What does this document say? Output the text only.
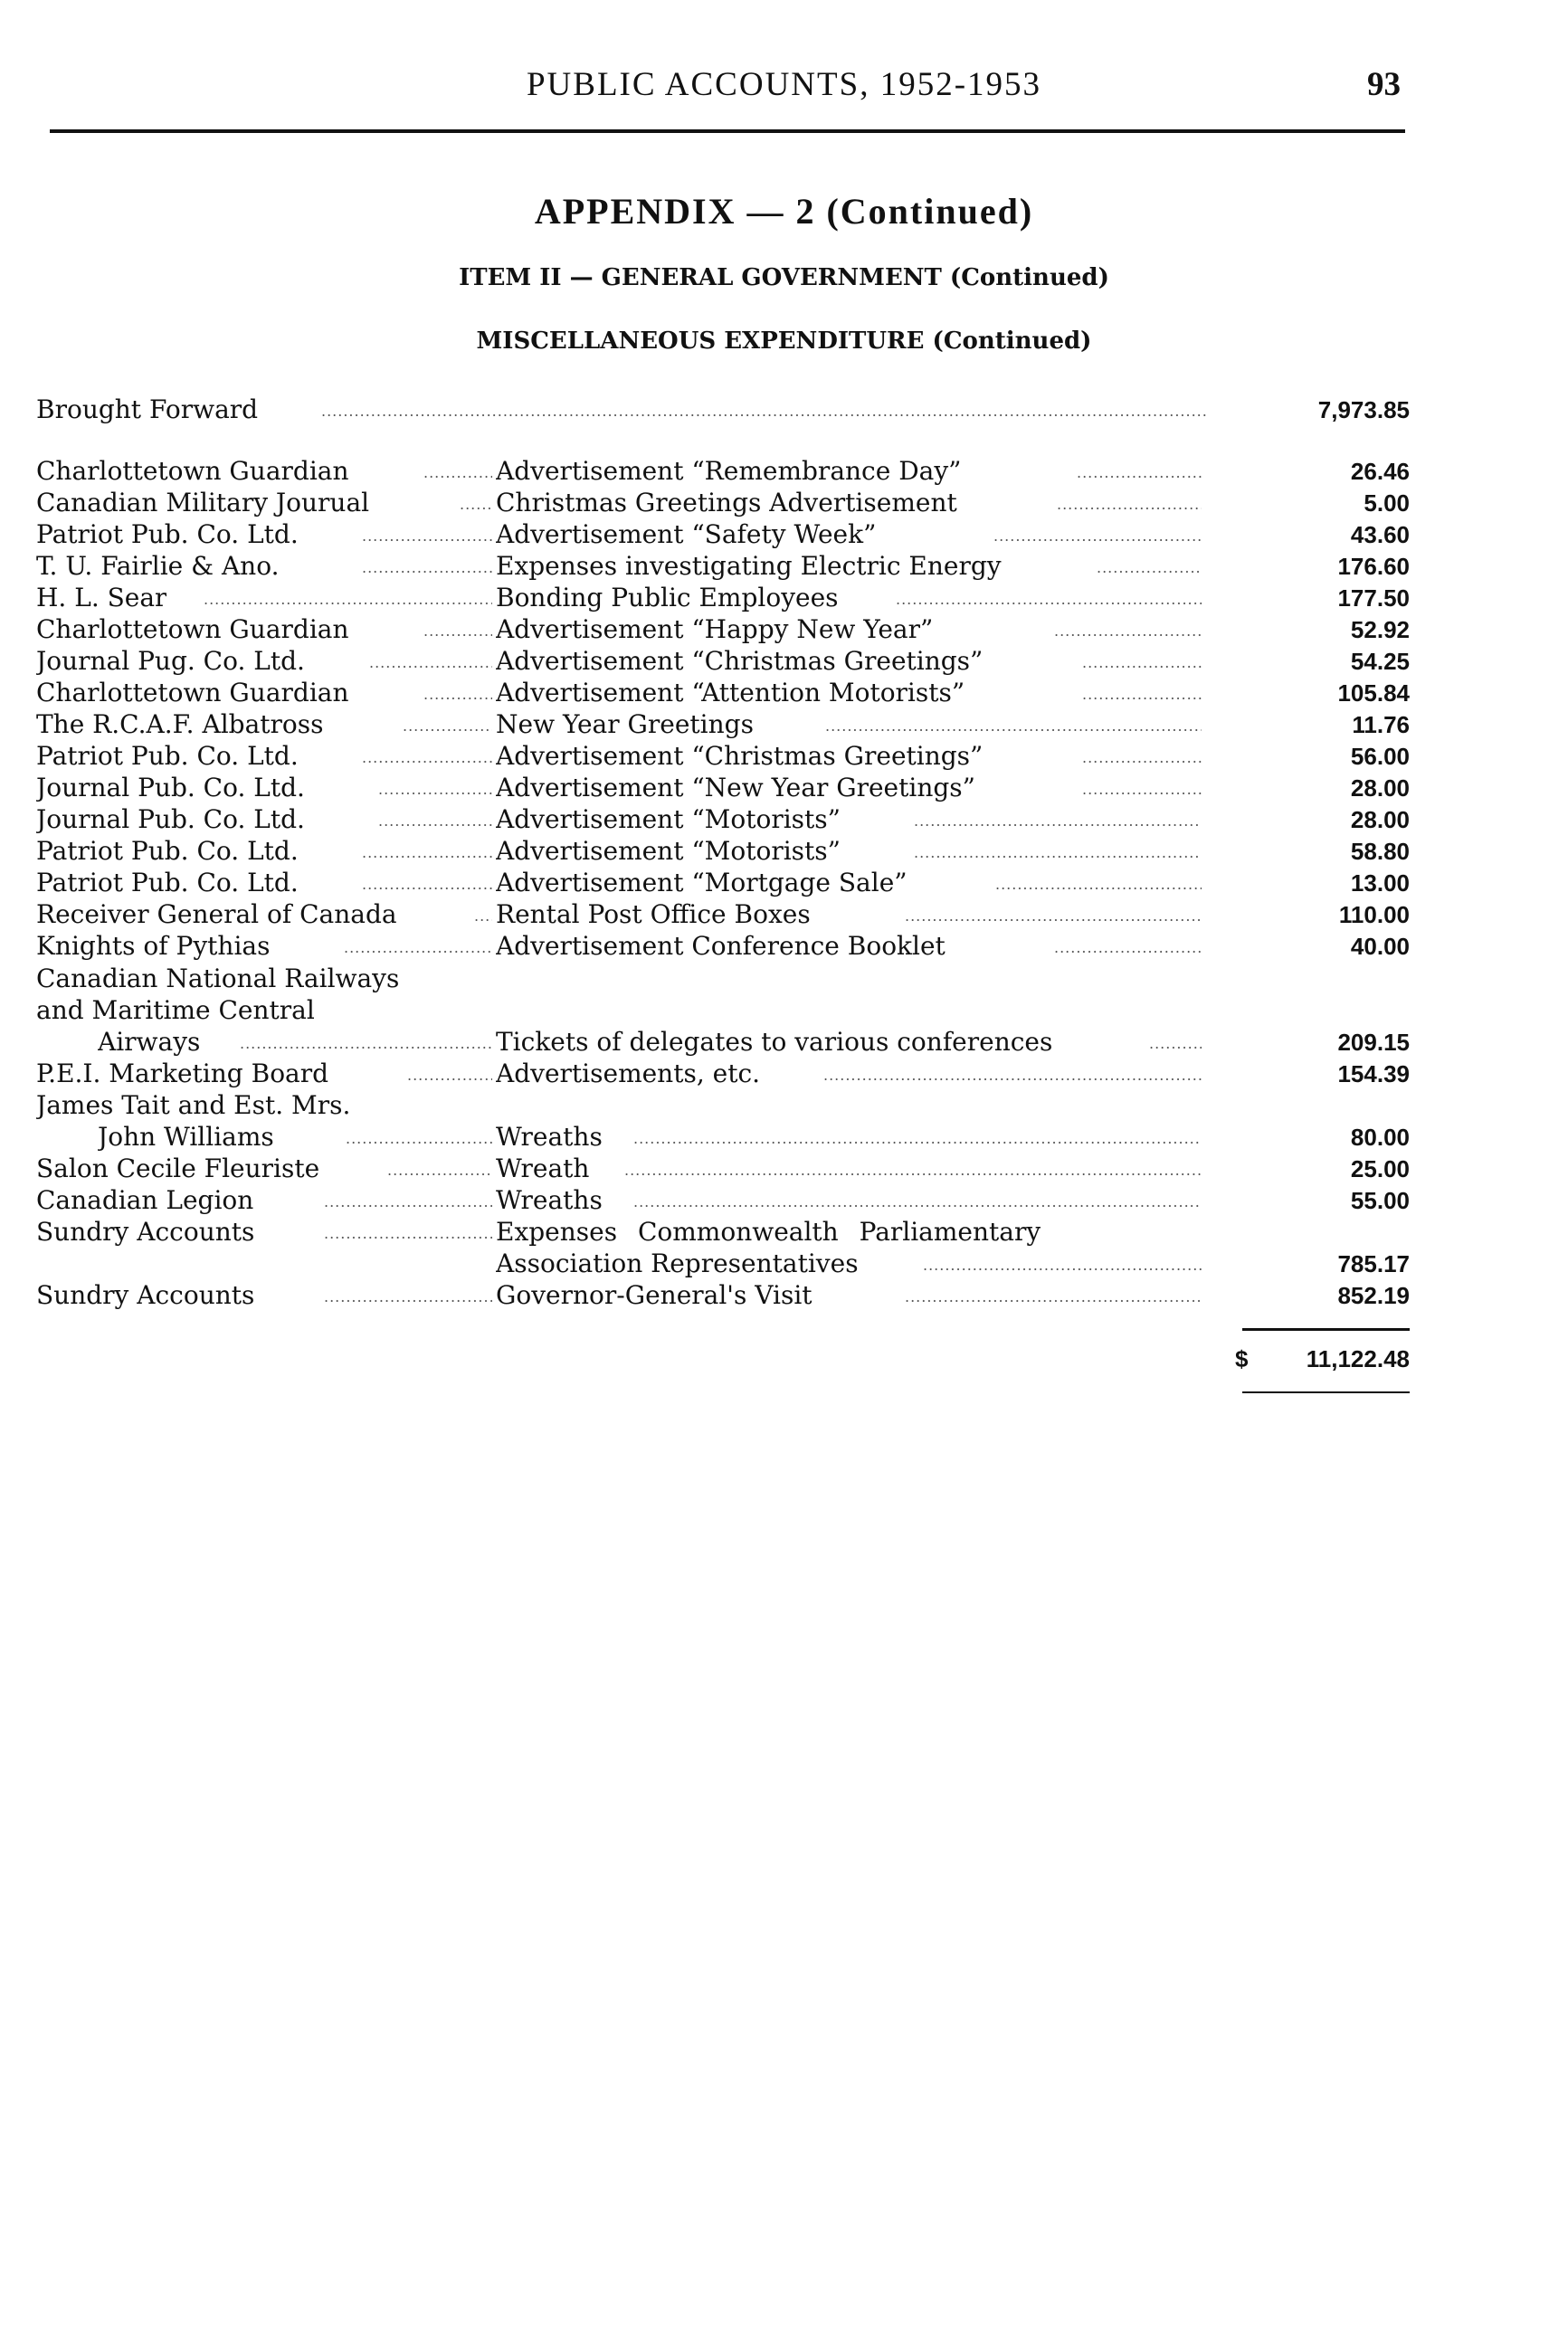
PUBLIC ACCOUNTS, 1952-1953	93
APPENDIX — 2 (Continued)
ITEM II — GENERAL GOVERNMENT (Continued)
MISCELLANEOUS EXPENDITURE (Continued)
Brought Forward .....	7,973.85
Charlottetown Guardian .....	Advertisement “Remembrance Day” .....	26.46
Canadian Military Jourual .....	Christmas Greetings Advertisement .....	5.00
Patriot Pub. Co. Ltd. .....	Advertisement “Safety Week” .....	43.60
T. U. Fairlie & Ano. .....	Expenses investigating Electric Energy .....	176.60
H. L. Sear .....	Bonding Public Employees .....	177.50
Charlottetown Guardian .....	Advertisement “Happy New Year” .....	52.92
Journal Pug. Co. Ltd. .....	Advertisement “Christmas Greetings” .....	54.25
Charlottetown Guardian .....	Advertisement “Attention Motorists” .....	105.84
The R.C.A.F. Albatross .....	New Year Greetings .....	11.76
Patriot Pub. Co. Ltd. .....	Advertisement “Christmas Greetings” .....	56.00
Journal Pub. Co. Ltd. .....	Advertisement “New Year Greetings” .....	28.00
Journal Pub. Co. Ltd. .....	Advertisement “Motorists” .....	28.00
Patriot Pub. Co. Ltd. .....	Advertisement “Motorists” .....	58.80
Patriot Pub. Co. Ltd. .....	Advertisement “Mortgage Sale” .....	13.00
Receiver General of Canada .....	Rental Post Office Boxes .....	110.00
Knights of Pythias .....	Advertisement Conference Booklet .....	40.00
Canadian National Railways
and Maritime Central
Airways .....	Tickets of delegates to various conferences .....	209.15
P.E.I. Marketing Board .....	Advertisements, etc. .....	154.39
James Tait and Est. Mrs.
John Williams .....	Wreaths .....	80.00
Salon Cecile Fleuriste .....	Wreath .....	25.00
Canadian Legion .....	Wreaths .....	55.00
Sundry Accounts .....	Expenses Commonwealth Parliamentary
Association Representatives .....	785.17
Sundry Accounts .....	Governor-General's Visit .....	852.19
$ 11,122.48
